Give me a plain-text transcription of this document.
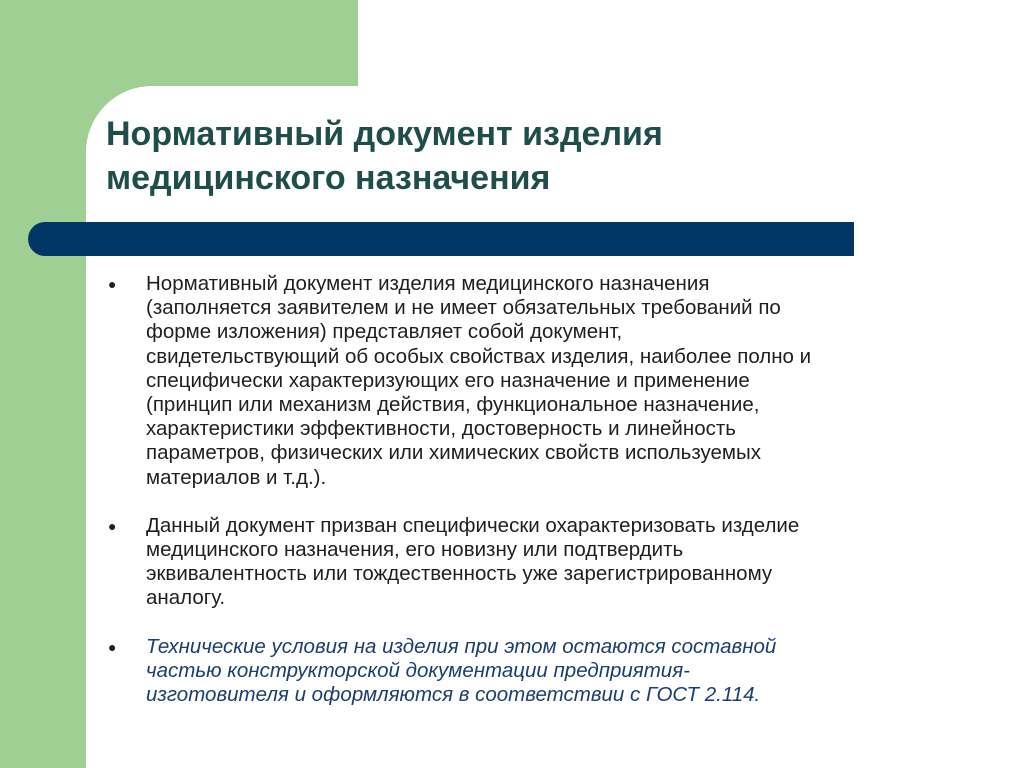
Нормативный документ изделия
медицинского назначения
● Нормативный документ изделия медицинского назначения
(заполняется заявителем и не имеет обязательных требований по
форме изложения) представляет собой документ,
свидетельствующий об особых свойствах изделия, наиболее полно и
специфически характеризующих его назначение и применение
(принцип или механизм действия, функциональное назначение,
характеристики эффективности, достоверность и линейность
параметров, физических или химических свойств используемых
материалов и т.д.).
● Данный документ призван специфически охарактеризовать изделие
медицинского назначения, его новизну или подтвердить
эквивалентность или тождественность уже зарегистрированному
аналогу.
● Технические условия на изделия при этом остаются составной
частью конструкторской документации предприятия-
изготовителя и оформляются в соответствии с ГОСТ 2.114.
